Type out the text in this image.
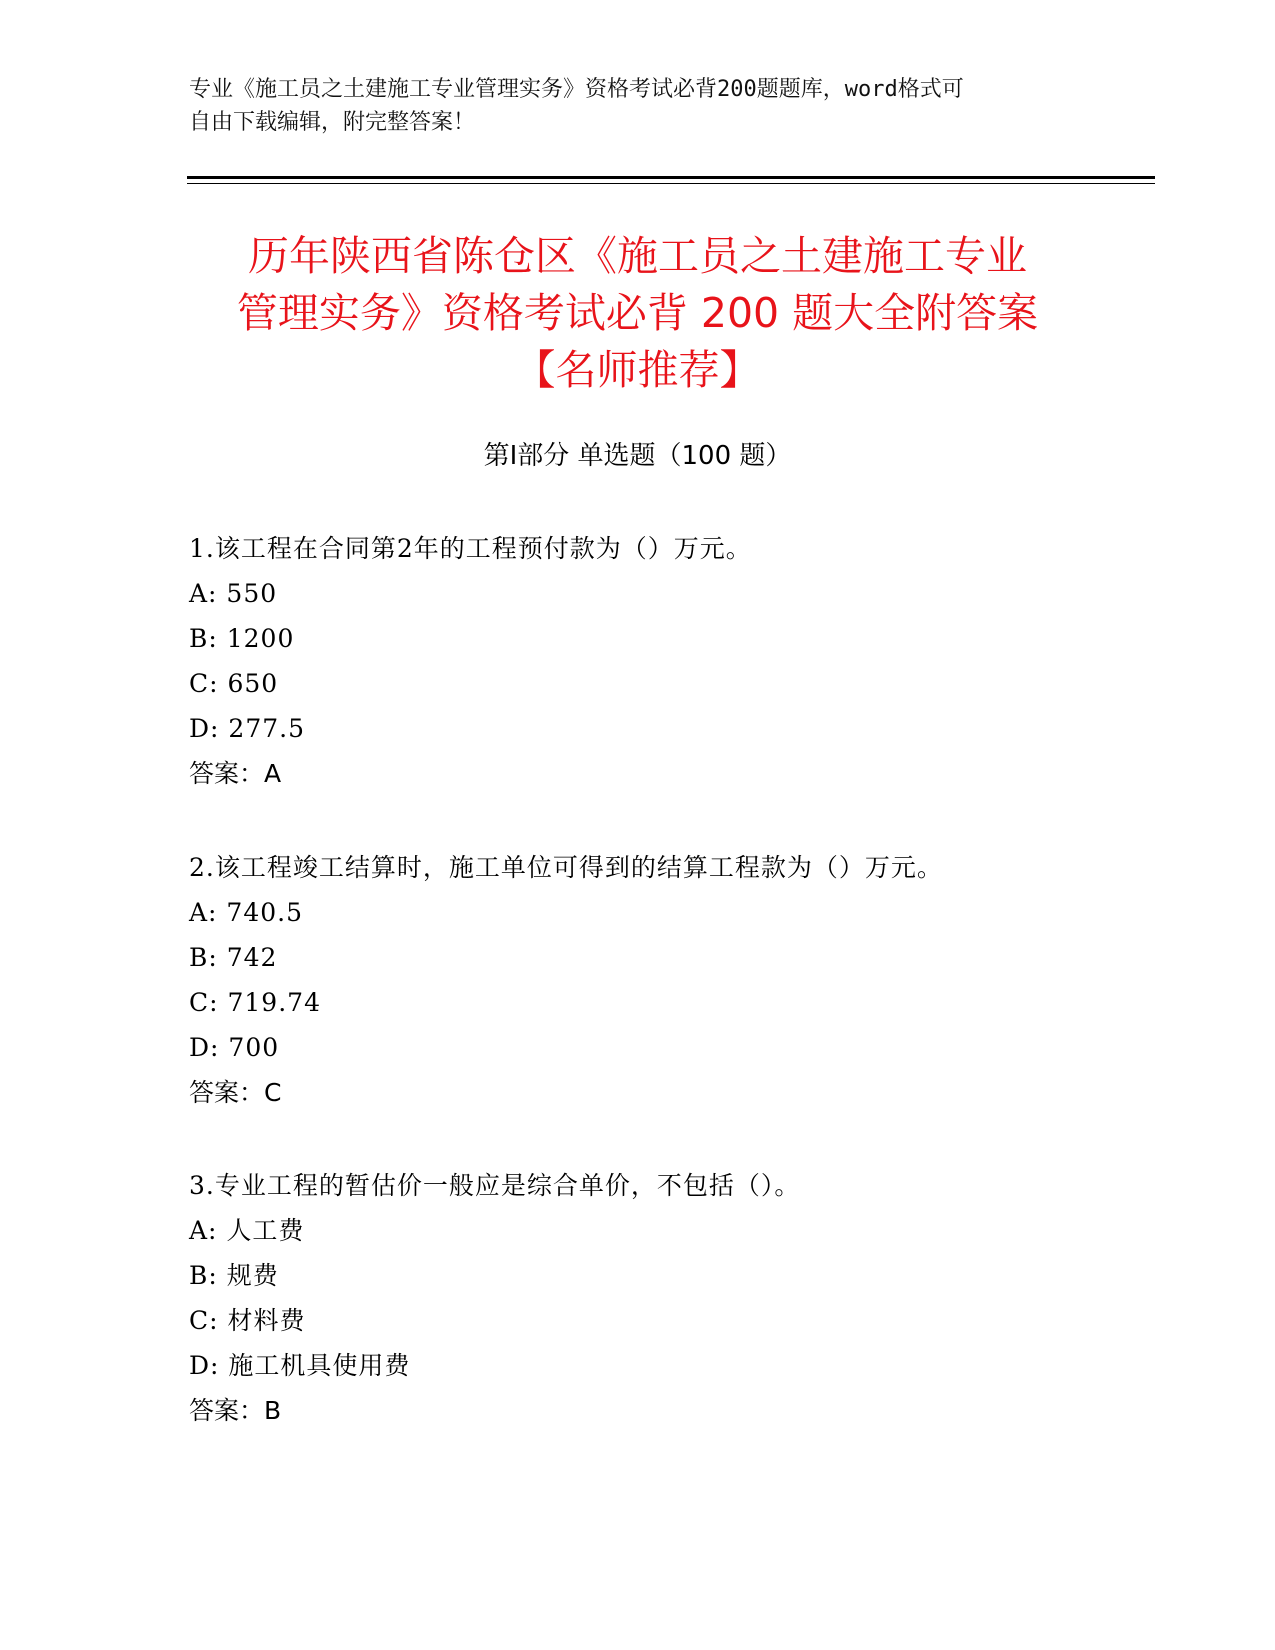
专业《施工员之土建施工专业管理实务》资格考试必背200题题库，word格式可
自由下载编辑，附完整答案！
历年陕西省陈仓区《施工员之土建施工专业
管理实务》资格考试必背 200 题大全附答案
【名师推荐】
第Ⅰ部分 单选题（100 题）
1.该工程在合同第2年的工程预付款为（）万元。
A: 550
B: 1200
C: 650
D: 277.5
答案：A
2.该工程竣工结算时，施工单位可得到的结算工程款为（）万元。
A: 740.5
B: 742
C: 719.74
D: 700
答案：C
3.专业工程的暂估价一般应是综合单价，不包括（）。
A: 人工费
B: 规费
C: 材料费
D: 施工机具使用费
答案：B
